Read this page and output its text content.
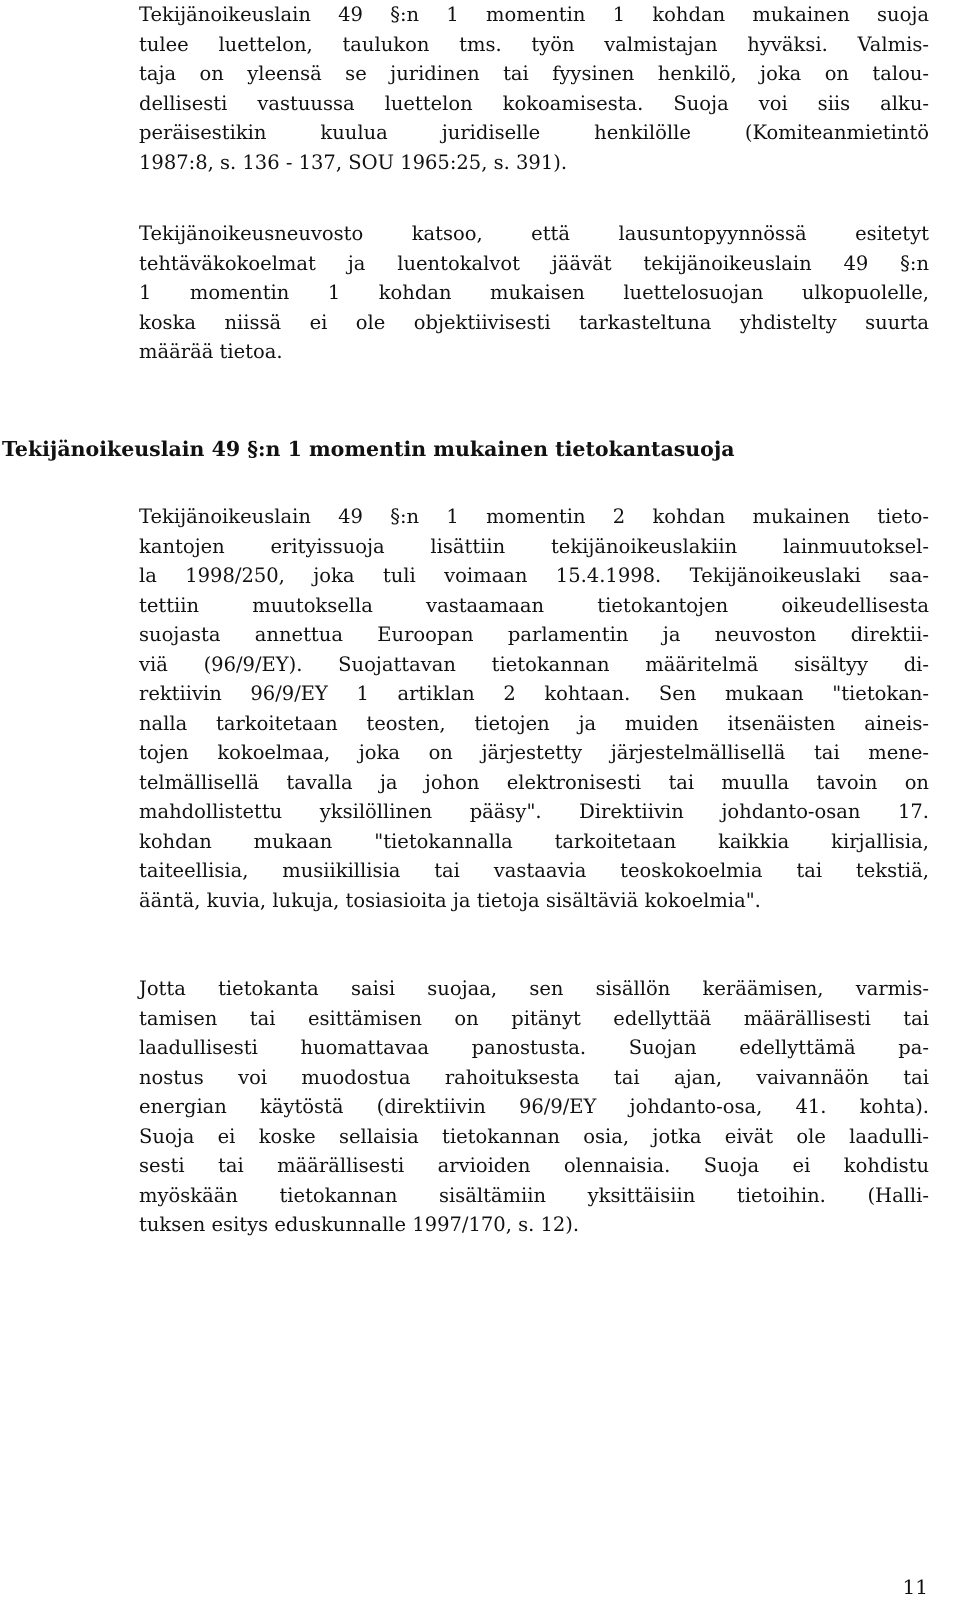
Tekijänoikeuslain 49 §:n 1 momentin 1 kohdan mukainen suoja
tulee luettelon, taulukon tms. työn valmistajan hyväksi. Valmis-
taja on yleensä se juridinen tai fyysinen henkilö, joka on talou-
dellisesti vastuussa luettelon kokoamisesta. Suoja voi siis alku-
peräisestikin kuulua juridiselle henkilölle (Komiteanmietintö
1987:8, s. 136 - 137, SOU 1965:25, s. 391).
Tekijänoikeusneuvosto katsoo, että lausuntopyynnössä esitetyt
tehtäväkokoelmat ja luentokalvot jäävät tekijänoikeuslain 49 §:n
1 momentin 1 kohdan mukaisen luettelosuojan ulkopuolelle,
koska niissä ei ole objektiivisesti tarkasteltuna yhdistelty suurta
määrää tietoa.
Tekijänoikeuslain 49 §:n 1 momentin mukainen tietokantasuoja
Tekijänoikeuslain 49 §:n 1 momentin 2 kohdan mukainen tieto-
kantojen erityissuoja lisättiin tekijänoikeuslakiin lainmuutoksel-
la 1998/250, joka tuli voimaan 15.4.1998. Tekijänoikeuslaki saa-
tettiin muutoksella vastaamaan tietokantojen oikeudellisesta
suojasta annettua Euroopan parlamentin ja neuvoston direktii-
viä (96/9/EY). Suojattavan tietokannan määritelmä sisältyy di-
rektiivin 96/9/EY 1 artiklan 2 kohtaan. Sen mukaan "tietokan-
nalla tarkoitetaan teosten, tietojen ja muiden itsenäisten aineis-
tojen kokoelmaa, joka on järjestetty järjestelmällisellä tai mene-
telmällisellä tavalla ja johon elektronisesti tai muulla tavoin on
mahdollistettu yksilöllinen pääsy". Direktiivin johdanto-osan 17.
kohdan mukaan "tietokannalla tarkoitetaan kaikkia kirjallisia,
taiteellisia, musiikillisia tai vastaavia teoskokoelmia tai tekstiä,
ääntä, kuvia, lukuja, tosiasioita ja tietoja sisältäviä kokoelmia".
Jotta tietokanta saisi suojaa, sen sisällön keräämisen, varmis-
tamisen tai esittämisen on pitänyt edellyttää määrällisesti tai
laadullisesti huomattavaa panostusta. Suojan edellyttämä pa-
nostus voi muodostua rahoituksesta tai ajan, vaivannäön tai
energian käytöstä (direktiivin 96/9/EY johdanto-osa, 41. kohta).
Suoja ei koske sellaisia tietokannan osia, jotka eivät ole laadulli-
sesti tai määrällisesti arvioiden olennaisia. Suoja ei kohdistu
myöskään tietokannan sisältämiin yksittäisiin tietoihin. (Halli-
tuksen esitys eduskunnalle 1997/170, s. 12).
11
